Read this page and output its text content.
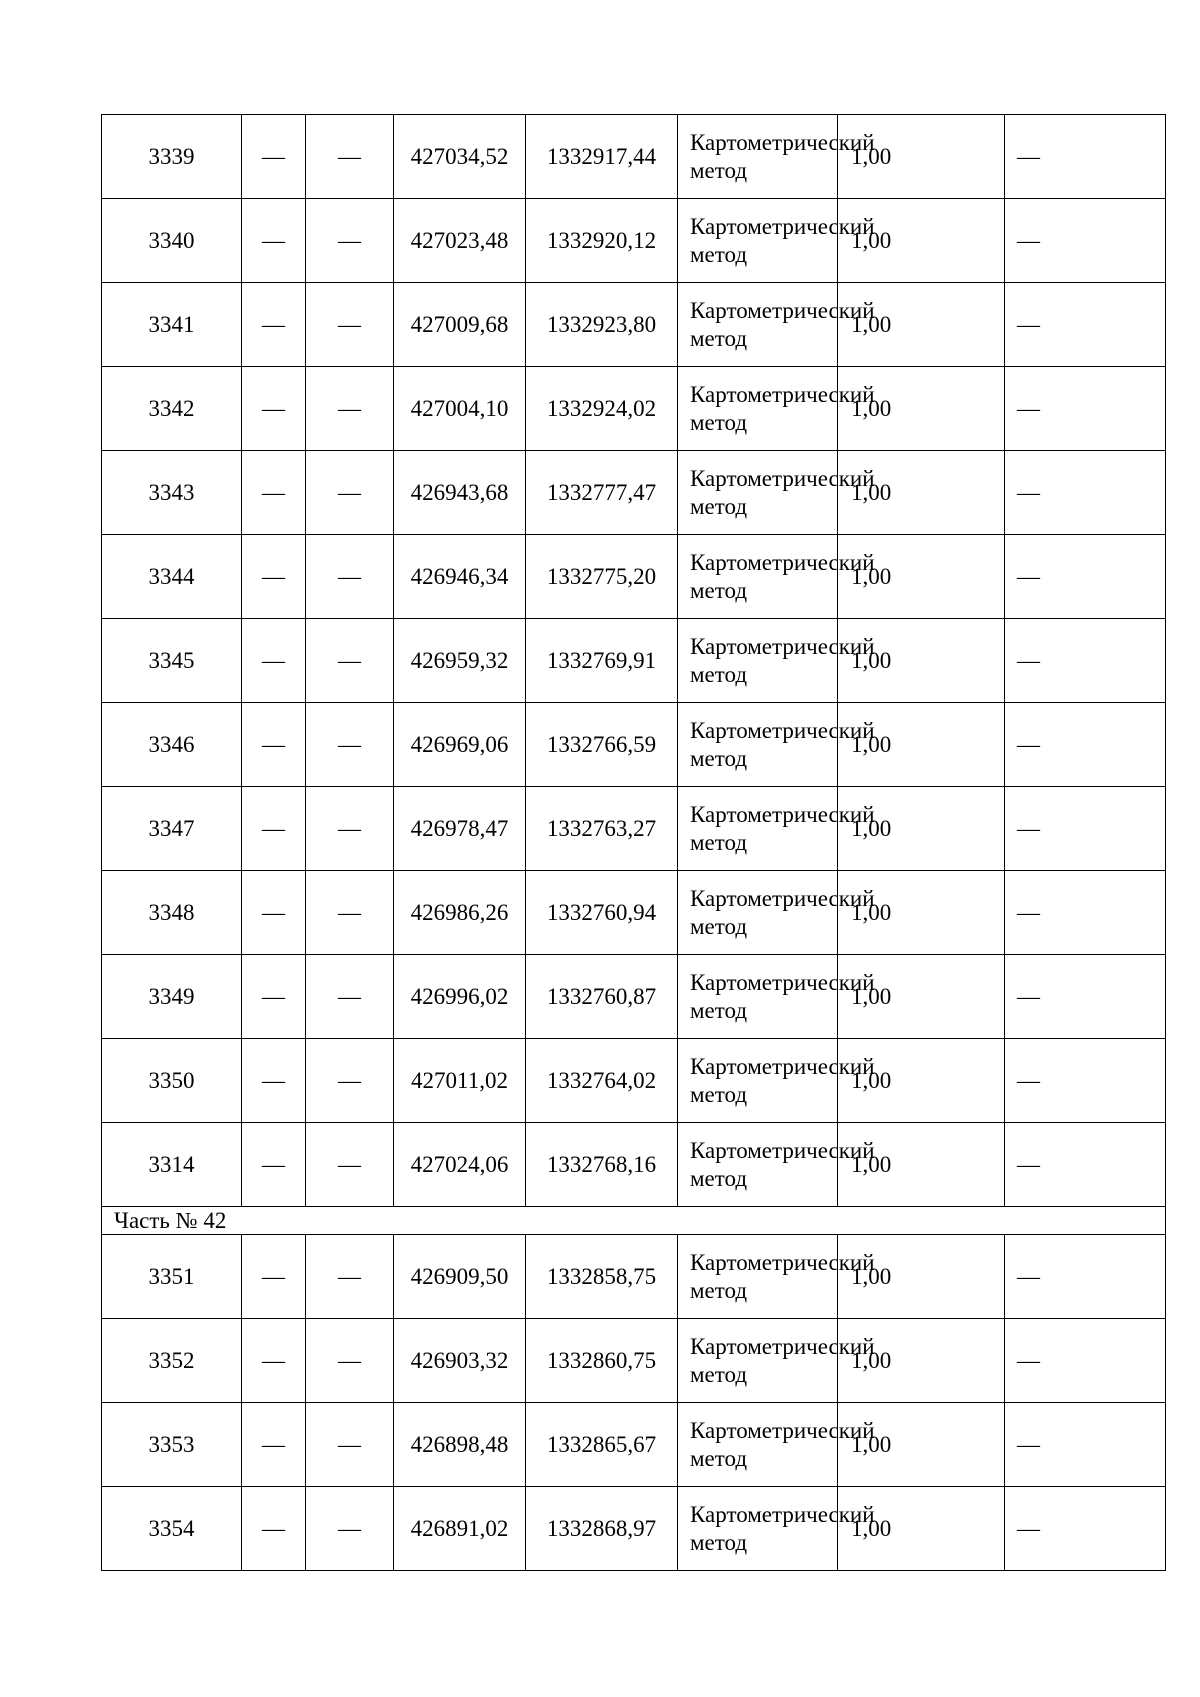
3339	—	—	427034,52	1332917,44	Картометрический метод	1,00	—
3340	—	—	427023,48	1332920,12	Картометрический метод	1,00	—
3341	—	—	427009,68	1332923,80	Картометрический метод	1,00	—
3342	—	—	427004,10	1332924,02	Картометрический метод	1,00	—
3343	—	—	426943,68	1332777,47	Картометрический метод	1,00	—
3344	—	—	426946,34	1332775,20	Картометрический метод	1,00	—
3345	—	—	426959,32	1332769,91	Картометрический метод	1,00	—
3346	—	—	426969,06	1332766,59	Картометрический метод	1,00	—
3347	—	—	426978,47	1332763,27	Картометрический метод	1,00	—
3348	—	—	426986,26	1332760,94	Картометрический метод	1,00	—
3349	—	—	426996,02	1332760,87	Картометрический метод	1,00	—
3350	—	—	427011,02	1332764,02	Картометрический метод	1,00	—
3314	—	—	427024,06	1332768,16	Картометрический метод	1,00	—
Часть № 42							
3351	—	—	426909,50	1332858,75	Картометрический метод	1,00	—
3352	—	—	426903,32	1332860,75	Картометрический метод	1,00	—
3353	—	—	426898,48	1332865,67	Картометрический метод	1,00	—
3354	—	—	426891,02	1332868,97	Картометрический метод	1,00	—
